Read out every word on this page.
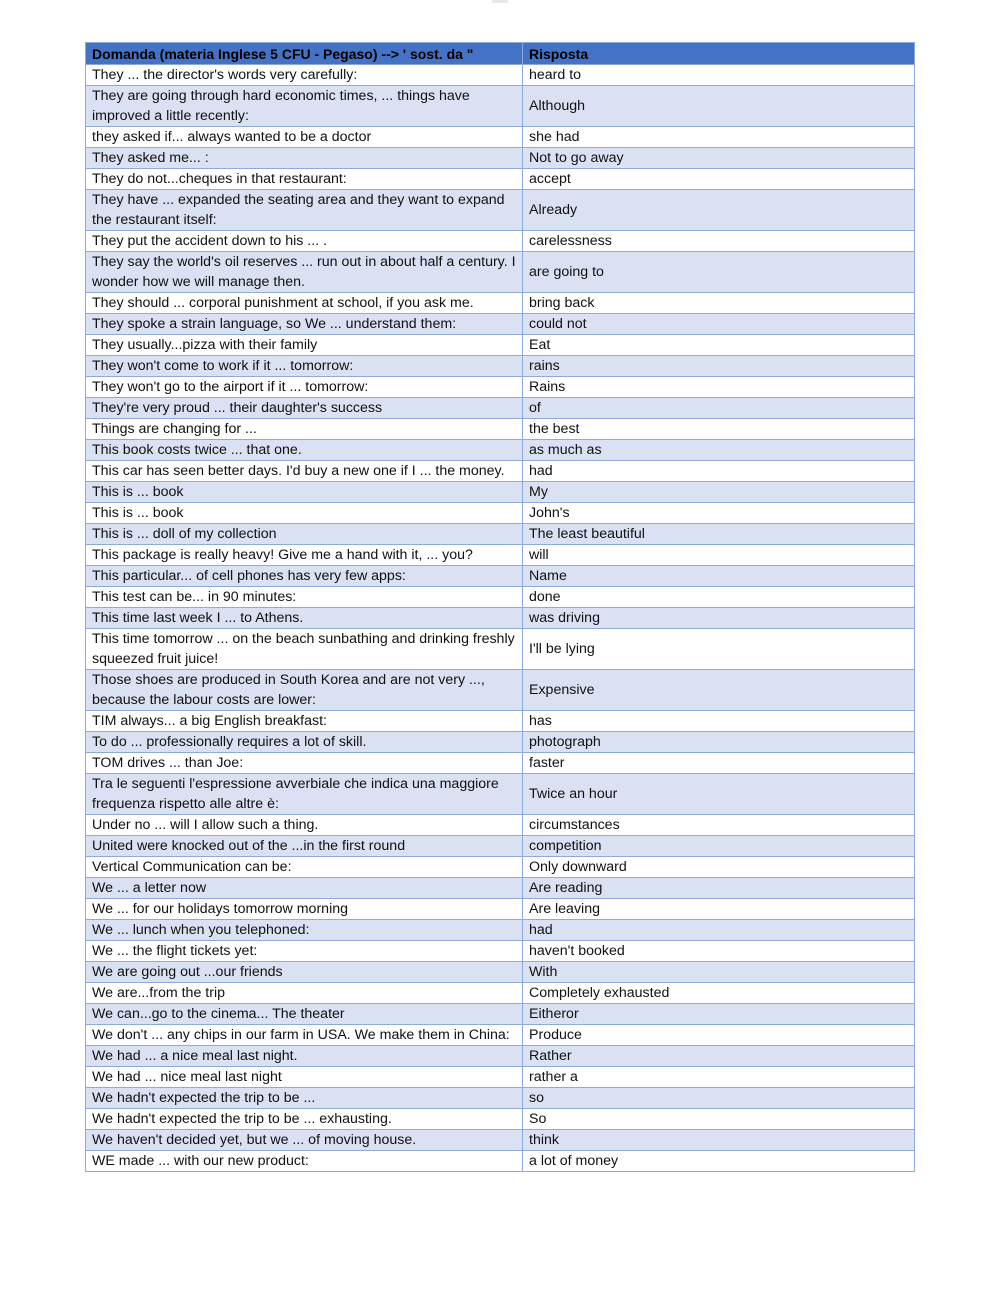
Domanda (materia Inglese 5 CFU - Pegaso) --> ' sost. da "	Risposta
They ... the director's words very carefully:	heard to
They are going through hard economic times, ... things have improved a little recently:	Although
they asked if... always wanted to be a doctor	she had
They asked me... :	Not to go away
They do not...cheques in that restaurant:	accept
They have ... expanded the seating area and they want to expand the restaurant itself:	Already
They put the accident down to his ... .	carelessness
They say the world's oil reserves ... run out in about half a century. I wonder how we will manage then.	are going to
They should ... corporal punishment at school, if you ask me.	bring back
They spoke a strain language, so We ... understand them:	could not
They usually...pizza with their family	Eat
They won't come to work if it ... tomorrow:	rains
They won't go to the airport if it ... tomorrow:	Rains
They're very proud ... their daughter's success	of
Things are changing for ...	the best
This book costs twice ... that one.	as much as
This car has seen better days. I'd buy a new one if I ... the money.	had
This is ... book	My
This is ... book	John's
This is ... doll of my collection	The least beautiful
This package is really heavy! Give me a hand with it, ... you?	will
This particular... of cell phones has very few apps:	Name
This test can be... in 90 minutes:	done
This time last week I ... to Athens.	was driving
This time tomorrow ... on the beach sunbathing and drinking freshly squeezed fruit juice!	I'll be lying
Those shoes are produced in South Korea and are not very ..., because the labour costs are lower:	Expensive
TIM always... a big English breakfast:	has
To do ... professionally requires a lot of skill.	photograph
TOM drives ... than Joe:	faster
Tra le seguenti l'espressione avverbiale che indica una maggiore frequenza rispetto alle altre è:	Twice an hour
Under no ... will I allow such a thing.	circumstances
United were knocked out of the ...in the first round	competition
Vertical Communication can be:	Only downward
We ... a letter now	Are reading
We ... for our holidays tomorrow morning	Are leaving
We ... lunch when you telephoned:	had
We ... the flight tickets yet:	haven't booked
We are going out ...our friends	With
We are...from the trip	Completely exhausted
We can...go to the cinema... The theater	Eitheror
We don't ... any chips in our farm in USA. We make them in China:	Produce
We had ... a nice meal last night.	Rather
We had ... nice meal last night	rather a
We hadn't expected the trip to be ...	so
We hadn't expected the trip to be ... exhausting.	So
We haven't decided yet, but we ... of moving house.	think
WE made ... with our new product:	a lot of money
